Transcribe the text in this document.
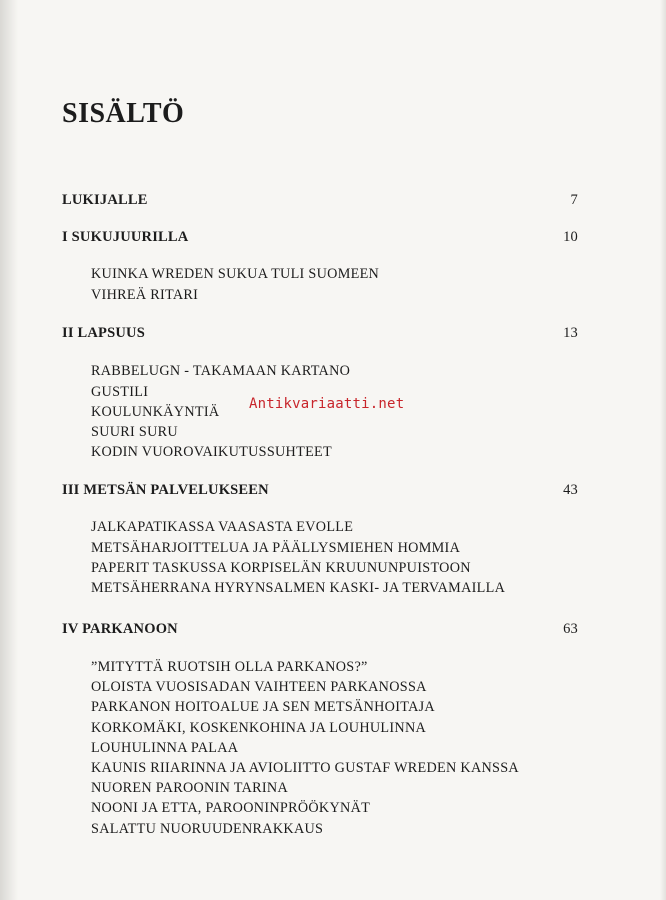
SISÄLTÖ
LUKIJALLE	7
I SUKUJUURILLA	10
KUINKA WREDEN SUKUA TULI SUOMEEN
VIHREÄ RITARI
II LAPSUUS	13
RABBELUGN - TAKAMAAN KARTANO
GUSTILI
KOULUNKÄYNTIÄ
SUURI SURU
KODIN VUOROVAIKUTUSSUHTEET
III METSÄN PALVELUKSEEN	43
JALKAPATIKASSA VAASASTA EVOLLE
METSÄHARJOITTELUA JA PÄÄLLYSMIEHEN HOMMIA
PAPERIT TASKUSSA KORPISELÄN KRUUNUNPUISTOON
METSÄHERRANA HYRYNSALMEN KASKI- JA TERVAMAILLA
IV PARKANOON	63
”MITYTTÄ RUOTSIH OLLA PARKANOS?”
OLOISTA VUOSISADAN VAIHTEEN PARKANOSSA
PARKANON HOITOALUE JA SEN METSÄNHOITAJA
KORKOMÄKI, KOSKENKOHINA JA LOUHULINNA
LOUHULINNA PALAA
KAUNIS RIIARINNA JA AVIOLIITTO GUSTAF WREDEN KANSSA
NUOREN PAROONIN TARINA
NOONI JA ETTA, PAROONINPRÖÖKYNÄT
SALATTU NUORUUDENRAKKAUS
Antikvariaatti.net
